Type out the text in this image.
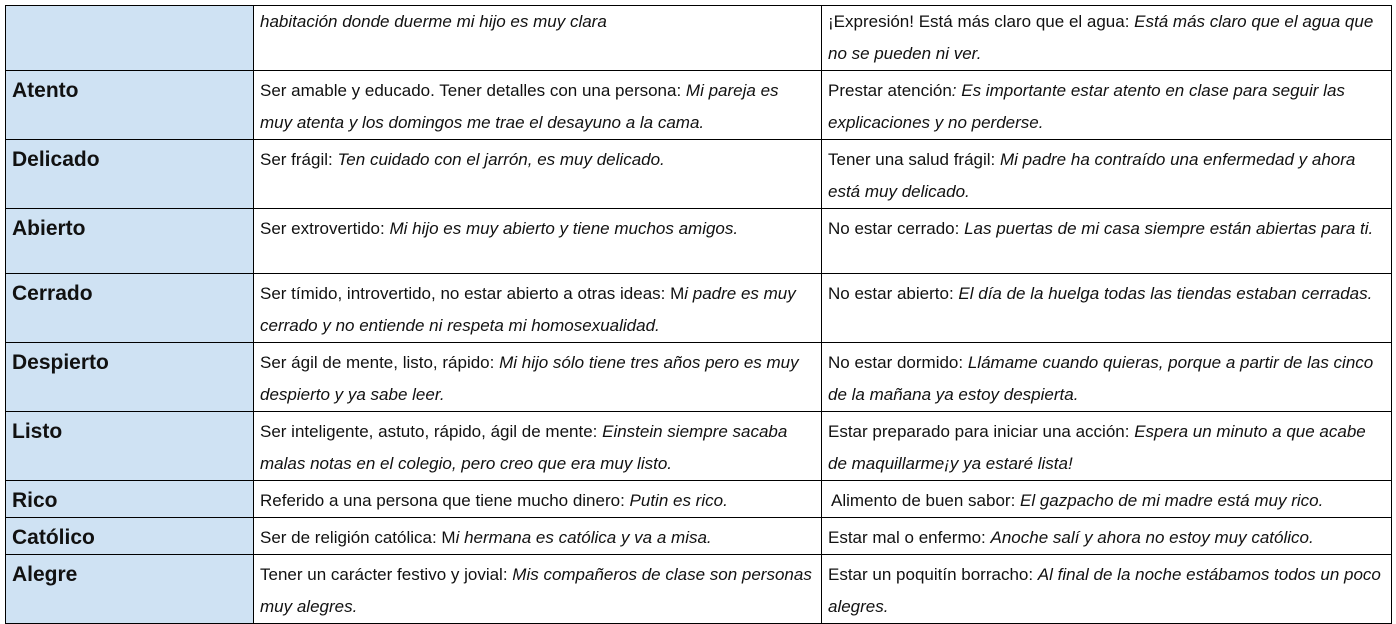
	habitación donde duerme mi hijo es muy clara	¡Expresión! Está más claro que el agua: Está más claro que el agua que no se pueden ni ver.
Atento	Ser amable y educado. Tener detalles con una persona: Mi pareja es muy atenta y los domingos me trae el desayuno a la cama.	Prestar atención: Es importante estar atento en clase para seguir las explicaciones y no perderse.
Delicado	Ser frágil: Ten cuidado con el jarrón, es muy delicado.	Tener una salud frágil: Mi padre ha contraído una enfermedad y ahora está muy delicado.
Abierto	Ser extrovertido: Mi hijo es muy abierto y tiene muchos amigos.	No estar cerrado: Las puertas de mi casa siempre están abiertas para ti.
Cerrado	Ser tímido, introvertido, no estar abierto a otras ideas: Mi padre es muy cerrado y no entiende ni respeta mi homosexualidad.	No estar abierto: El día de la huelga todas las tiendas estaban cerradas.
Despierto	Ser ágil de mente, listo, rápido: Mi hijo sólo tiene tres años pero es muy despierto y ya sabe leer.	No estar dormido: Llámame cuando quieras, porque a partir de las cinco de la mañana ya estoy despierta.
Listo	Ser inteligente, astuto, rápido, ágil de mente: Einstein siempre sacaba malas notas en el colegio, pero creo que era muy listo.	Estar preparado para iniciar una acción: Espera un minuto a que acabe de maquillarme¡y ya estaré lista!
Rico	Referido a una persona que tiene mucho dinero: Putin es rico.	Alimento de buen sabor: El gazpacho de mi madre está muy rico.
Católico	Ser de religión católica: Mi hermana es católica y va a misa.	Estar mal o enfermo: Anoche salí y ahora no estoy muy católico.
Alegre	Tener un carácter festivo y jovial: Mis compañeros de clase son personas muy alegres.	Estar un poquitín borracho: Al final de la noche estábamos todos un poco alegres.
